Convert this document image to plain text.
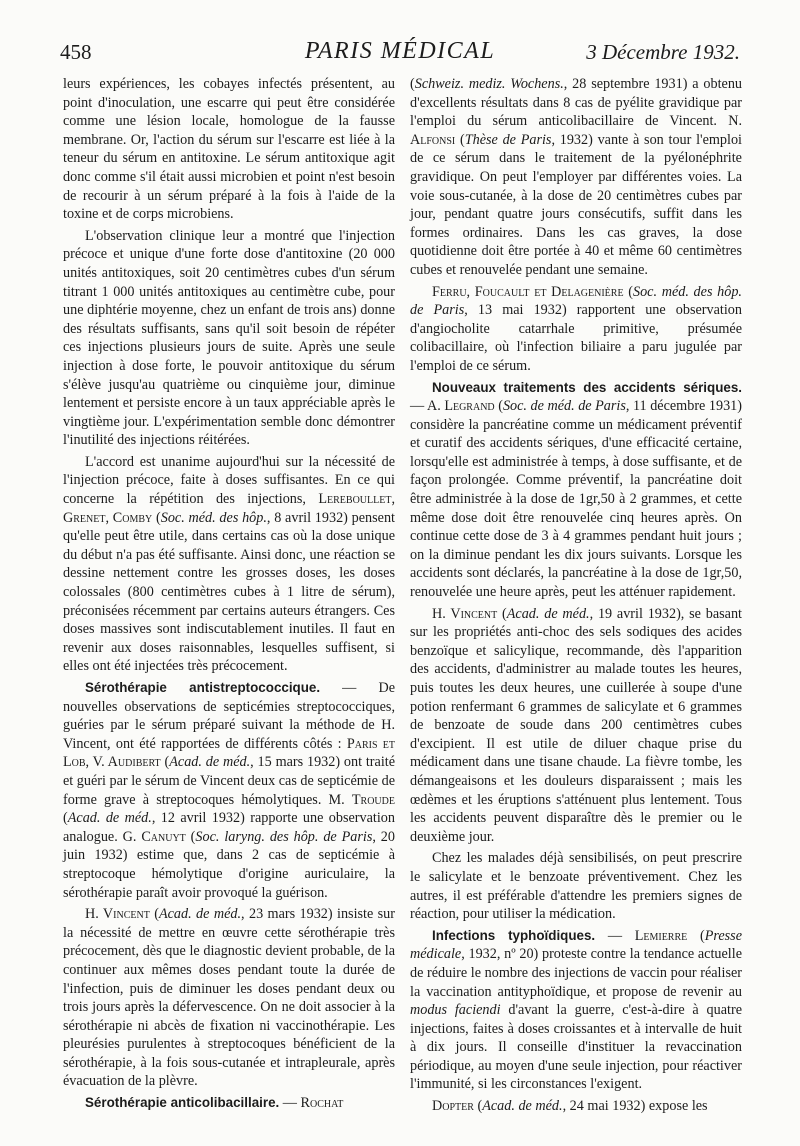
458	PARIS MÉDICAL	3 Décembre 1932.

leurs expériences, les cobayes infectés présentent, au point d'inoculation, une escarre qui peut être considérée comme une lésion locale, homologue de la fausse membrane. Or, l'action du sérum sur l'escarre est liée à la teneur du sérum en antitoxine. Le sérum antitoxique agit donc comme s'il était aussi microbien et point n'est besoin de recourir à un sérum préparé à la fois à l'aide de la toxine et de corps microbiens.

L'observation clinique leur a montré que l'injection précoce et unique d'une forte dose d'antitoxine (20 000 unités antitoxiques, soit 20 centimètres cubes d'un sérum titrant 1 000 unités antitoxiques au centimètre cube, pour une diphtérie moyenne, chez un enfant de trois ans) donne des résultats suffisants, sans qu'il soit besoin de répéter ces injections plusieurs jours de suite. Après une seule injection à dose forte, le pouvoir antitoxique du sérum s'élève jusqu'au quatrième ou cinquième jour, diminue lentement et persiste encore à un taux appréciable après le vingtième jour. L'expérimentation semble donc démontrer l'inutilité des injections réitérées.

L'accord est unanime aujourd'hui sur la nécessité de l'injection précoce, faite à doses suffisantes. En ce qui concerne la répétition des injections, Lereboullet, Grenet, Comby (Soc. méd. des hôp., 8 avril 1932) pensent qu'elle peut être utile, dans certains cas où la dose unique du début n'a pas été suffisante. Ainsi donc, une réaction se dessine nettement contre les grosses doses, les doses colossales (800 centimètres cubes à 1 litre de sérum), préconisées récemment par certains auteurs étrangers. Ces doses massives sont indiscutablement inutiles. Il faut en revenir aux doses raisonnables, lesquelles suffisent, si elles ont été injectées très précocement.

Sérothérapie antistreptococcique. — De nouvelles observations de septicémies streptococciques, guéries par le sérum préparé suivant la méthode de H. Vincent, ont été rapportées de différents côtés : Paris et Lob, V. Audibert (Acad. de méd., 15 mars 1932) ont traité et guéri par le sérum de Vincent deux cas de septicémie de forme grave à streptocoques hémolytiques. M. Troude (Acad. de méd., 12 avril 1932) rapporte une observation analogue. G. Canuyt (Soc. laryng. des hôp. de Paris, 20 juin 1932) estime que, dans 2 cas de septicémie à streptocoque hémolytique d'origine auriculaire, la sérothérapie paraît avoir provoqué la guérison.

H. Vincent (Acad. de méd., 23 mars 1932) insiste sur la nécessité de mettre en œuvre cette sérothérapie très précocement, dès que le diagnostic devient probable, de la continuer aux mêmes doses pendant toute la durée de l'infection, puis de diminuer les doses pendant deux ou trois jours après la défervescence. On ne doit associer à la sérothérapie ni abcès de fixation ni vaccinothérapie. Les pleurésies purulentes à streptocoques bénéficient de la sérothérapie, à la fois sous-cutanée et intrapleurale, après évacuation de la plèvre.

Sérothérapie anticolibacillaire. — Rochat

(Schweiz. mediz. Wochens., 28 septembre 1931) a obtenu d'excellents résultats dans 8 cas de pyélite gravidique par l'emploi du sérum anticolibacillaire de Vincent. N. Alfonsi (Thèse de Paris, 1932) vante à son tour l'emploi de ce sérum dans le traitement de la pyélonéphrite gravidique. On peut l'employer par différentes voies. La voie sous-cutanée, à la dose de 20 centimètres cubes par jour, pendant quatre jours consécutifs, suffit dans les formes ordinaires. Dans les cas graves, la dose quotidienne doit être portée à 40 et même 60 centimètres cubes et renouvelée pendant une semaine.

Ferru, Foucault et Delagenière (Soc. méd. des hôp. de Paris, 13 mai 1932) rapportent une observation d'angiocholite catarrhale primitive, présumée colibacillaire, où l'infection biliaire a paru jugulée par l'emploi de ce sérum.

Nouveaux traitements des accidents sériques. — A. Legrand (Soc. de méd. de Paris, 11 décembre 1931) considère la pancréatine comme un médicament préventif et curatif des accidents sériques, d'une efficacité certaine, lorsqu'elle est administrée à temps, à dose suffisante, et de façon prolongée. Comme préventif, la pancréatine doit être administrée à la dose de 1gr,50 à 2 grammes, et cette même dose doit être renouvelée cinq heures après. On continue cette dose de 3 à 4 grammes pendant huit jours ; on la diminue pendant les dix jours suivants. Lorsque les accidents sont déclarés, la pancréatine à la dose de 1gr,50, renouvelée une heure après, peut les atténuer rapidement.

H. Vincent (Acad. de méd., 19 avril 1932), se basant sur les propriétés anti-choc des sels sodiques des acides benzoïque et salicylique, recommande, dès l'apparition des accidents, d'administrer au malade toutes les heures, puis toutes les deux heures, une cuillerée à soupe d'une potion renfermant 6 grammes de salicylate et 6 grammes de benzoate de soude dans 200 centimètres cubes d'excipient. Il est utile de diluer chaque prise du médicament dans une tisane chaude. La fièvre tombe, les démangeaisons et les douleurs disparaissent ; mais les œdèmes et les éruptions s'atténuent plus lentement. Tous les accidents peuvent disparaître dès le premier ou le deuxième jour.

Chez les malades déjà sensibilisés, on peut prescrire le salicylate et le benzoate préventivement. Chez les autres, il est préférable d'attendre les premiers signes de réaction, pour utiliser la médication.

Infections typhoïdiques. — Lemierre (Presse médicale, 1932, nº 20) proteste contre la tendance actuelle de réduire le nombre des injections de vaccin pour réaliser la vaccination antityphoïdique, et propose de revenir au modus faciendi d'avant la guerre, c'est-à-dire à quatre injections, faites à doses croissantes et à intervalle de huit à dix jours. Il conseille d'instituer la revaccination périodique, au moyen d'une seule injection, pour réactiver l'immunité, si les circonstances l'exigent.

Dopter (Acad. de méd., 24 mai 1932) expose les
